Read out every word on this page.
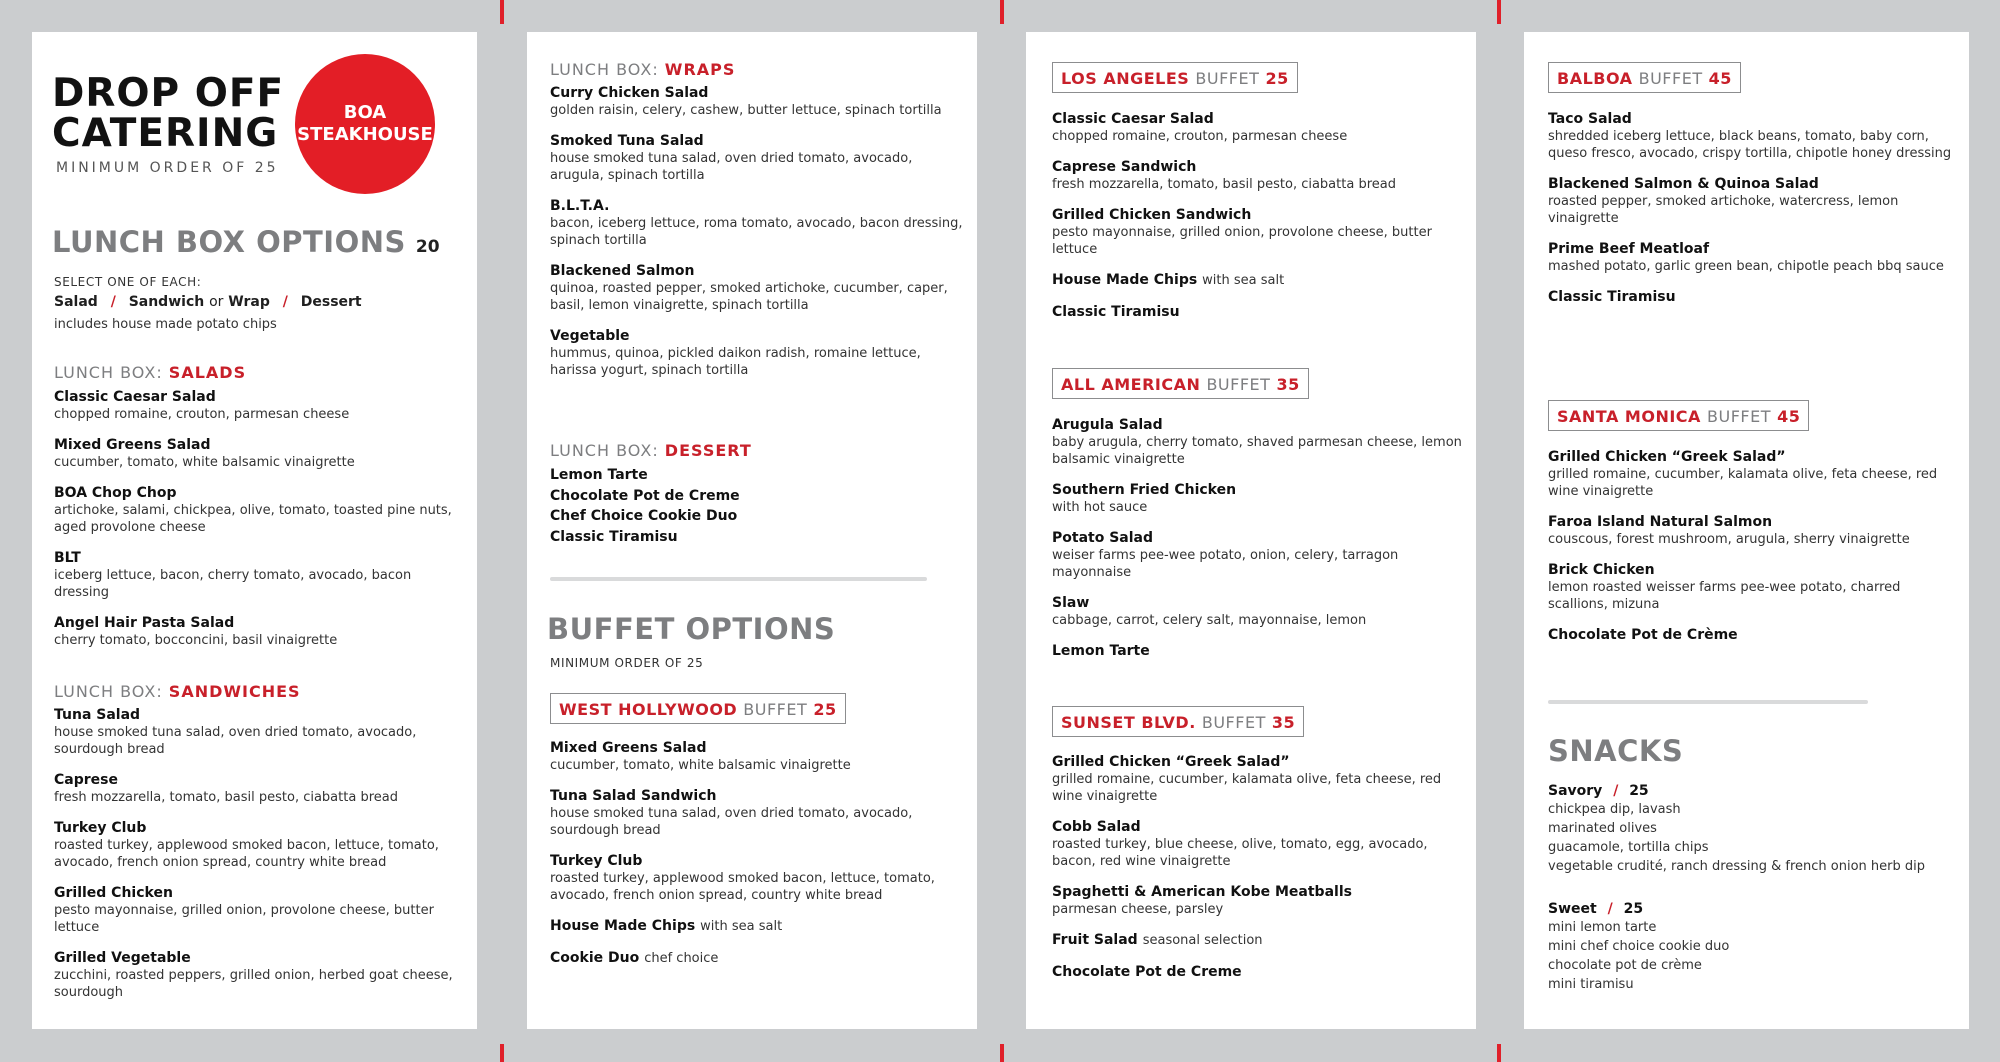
DROP OFF
CATERING
MINIMUM ORDER OF 25
BOA
STEAKHOUSE
LUNCH BOX OPTIONS 20
SELECT ONE OF EACH:
Salad / Sandwich or Wrap / Dessert
includes house made potato chips
LUNCH BOX: SALADS
Classic Caesar Salad
chopped romaine, crouton, parmesan cheese
Mixed Greens Salad
cucumber, tomato, white balsamic vinaigrette
BOA Chop Chop
artichoke, salami, chickpea, olive, tomato, toasted pine nuts, aged provolone cheese
BLT
iceberg lettuce, bacon, cherry tomato, avocado, bacon dressing
Angel Hair Pasta Salad
cherry tomato, bocconcini, basil vinaigrette
LUNCH BOX: SANDWICHES
Tuna Salad
house smoked tuna salad, oven dried tomato, avocado, sourdough bread
Caprese
fresh mozzarella, tomato, basil pesto, ciabatta bread
Turkey Club
roasted turkey, applewood smoked bacon, lettuce, tomato, avocado, french onion spread, country white bread
Grilled Chicken
pesto mayonnaise, grilled onion, provolone cheese, butter lettuce
Grilled Vegetable
zucchini, roasted peppers, grilled onion, herbed goat cheese, sourdough
LUNCH BOX: WRAPS
Curry Chicken Salad
golden raisin, celery, cashew, butter lettuce, spinach tortilla
Smoked Tuna Salad
house smoked tuna salad, oven dried tomato, avocado, arugula, spinach tortilla
B.L.T.A.
bacon, iceberg lettuce, roma tomato, avocado, bacon dressing, spinach tortilla
Blackened Salmon
quinoa, roasted pepper, smoked artichoke, cucumber, caper, basil, lemon vinaigrette, spinach tortilla
Vegetable
hummus, quinoa, pickled daikon radish, romaine lettuce, harissa yogurt, spinach tortilla
LUNCH BOX: DESSERT
Lemon Tarte
Chocolate Pot de Creme
Chef Choice Cookie Duo
Classic Tiramisu
BUFFET OPTIONS
MINIMUM ORDER OF 25
WEST HOLLYWOOD BUFFET 25
Mixed Greens Salad
cucumber, tomato, white balsamic vinaigrette
Tuna Salad Sandwich
house smoked tuna salad, oven dried tomato, avocado, sourdough bread
Turkey Club
roasted turkey, applewood smoked bacon, lettuce, tomato, avocado, french onion spread, country white bread
House Made Chips with sea salt
Cookie Duo chef choice
LOS ANGELES BUFFET 25
Classic Caesar Salad
chopped romaine, crouton, parmesan cheese
Caprese Sandwich
fresh mozzarella, tomato, basil pesto, ciabatta bread
Grilled Chicken Sandwich
pesto mayonnaise, grilled onion, provolone cheese, butter lettuce
House Made Chips with sea salt
Classic Tiramisu
ALL AMERICAN BUFFET 35
Arugula Salad
baby arugula, cherry tomato, shaved parmesan cheese, lemon balsamic vinaigrette
Southern Fried Chicken
with hot sauce
Potato Salad
weiser farms pee-wee potato, onion, celery, tarragon mayonnaise
Slaw
cabbage, carrot, celery salt, mayonnaise, lemon
Lemon Tarte
SUNSET BLVD. BUFFET 35
Grilled Chicken “Greek Salad”
grilled romaine, cucumber, kalamata olive, feta cheese, red wine vinaigrette
Cobb Salad
roasted turkey, blue cheese, olive, tomato, egg, avocado, bacon, red wine vinaigrette
Spaghetti & American Kobe Meatballs
parmesan cheese, parsley
Fruit Salad seasonal selection
Chocolate Pot de Creme
BALBOA BUFFET 45
Taco Salad
shredded iceberg lettuce, black beans, tomato, baby corn, queso fresco, avocado, crispy tortilla, chipotle honey dressing
Blackened Salmon & Quinoa Salad
roasted pepper, smoked artichoke, watercress, lemon vinaigrette
Prime Beef Meatloaf
mashed potato, garlic green bean, chipotle peach bbq sauce
Classic Tiramisu
SANTA MONICA BUFFET 45
Grilled Chicken “Greek Salad”
grilled romaine, cucumber, kalamata olive, feta cheese, red wine vinaigrette
Faroa Island Natural Salmon
couscous, forest mushroom, arugula, sherry vinaigrette
Brick Chicken
lemon roasted weisser farms pee-wee potato, charred scallions, mizuna
Chocolate Pot de Crème
SNACKS
Savory / 25
chickpea dip, lavash
marinated olives
guacamole, tortilla chips
vegetable crudité, ranch dressing & french onion herb dip
Sweet / 25
mini lemon tarte
mini chef choice cookie duo
chocolate pot de crème
mini tiramisu
